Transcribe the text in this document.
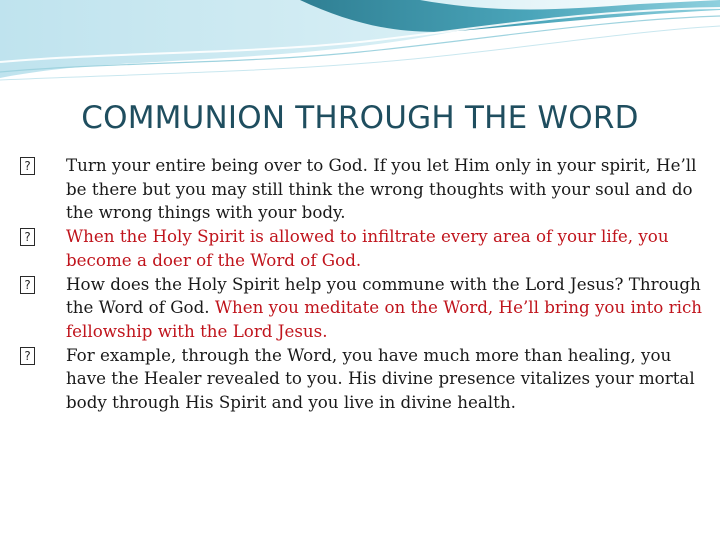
COMMUNION THROUGH THE WORD

?
Turn your entire being over to God. If you let Him only in your spirit, He’ll be there but you may still think the wrong thoughts with your soul and do the wrong things with your body.

?
When the Holy Spirit is allowed to infiltrate every area of your life, you become a doer of the Word of God.

?
How does the Holy Spirit help you commune with the Lord Jesus? Through the Word of God. When you meditate on the Word, He’ll bring you into rich fellowship with the Lord Jesus.

?
For example, through the Word, you have much more than healing, you have the Healer revealed to you. His divine presence vitalizes your mortal body through His Spirit and you live in divine health.
